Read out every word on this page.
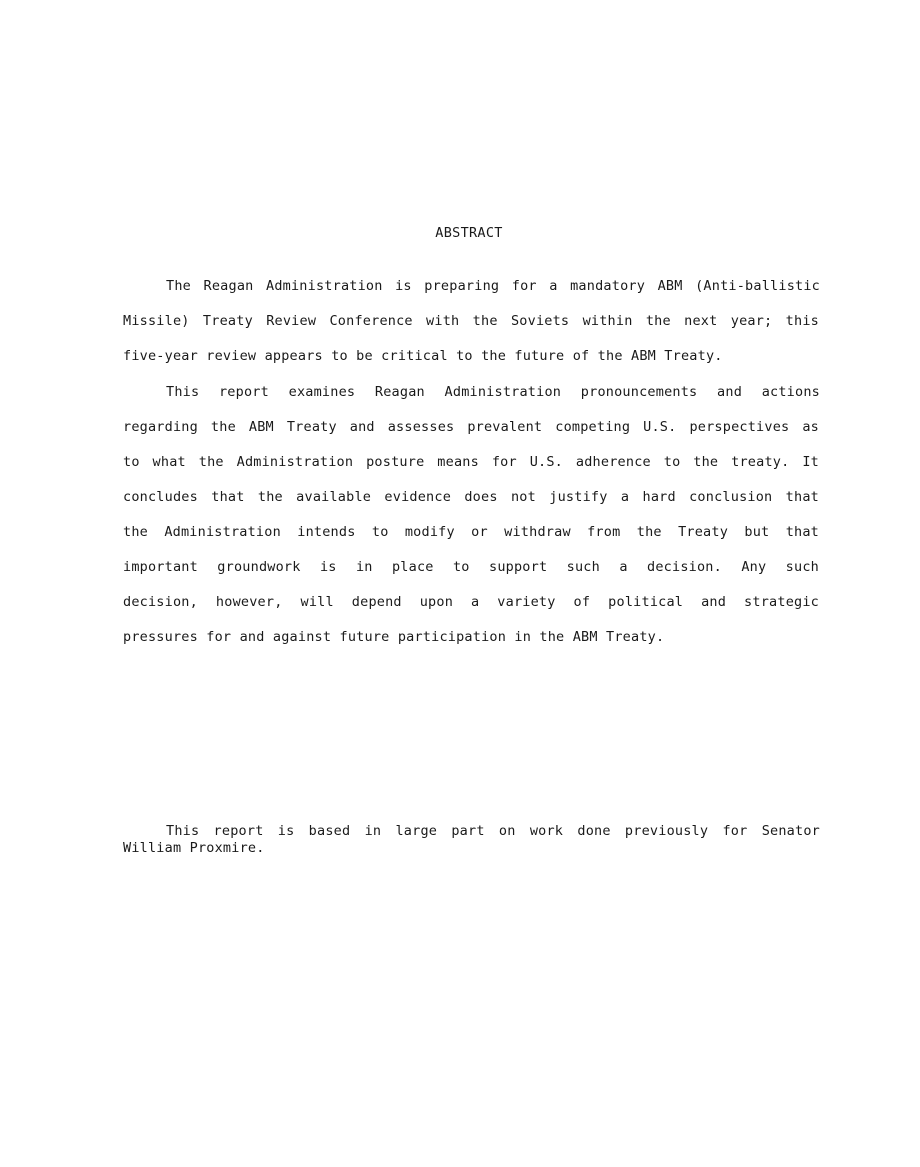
ABSTRACT
The Reagan Administration is preparing for a mandatory ABM (Anti-ballistic
Missile) Treaty Review Conference with the Soviets within the next year; this
five-year review appears to be critical to the future of the ABM Treaty.
This report examines Reagan Administration pronouncements and actions
regarding the ABM Treaty and assesses prevalent competing U.S. perspectives as
to what the Administration posture means for U.S. adherence to the treaty. It
concludes that the available evidence does not justify a hard conclusion that
the Administration intends to modify or withdraw from the Treaty but that
important groundwork is in place to support such a decision. Any such
decision, however, will depend upon a variety of political and strategic
pressures for and against future participation in the ABM Treaty.
This report is based in large part on work done previously for Senator
William Proxmire.
